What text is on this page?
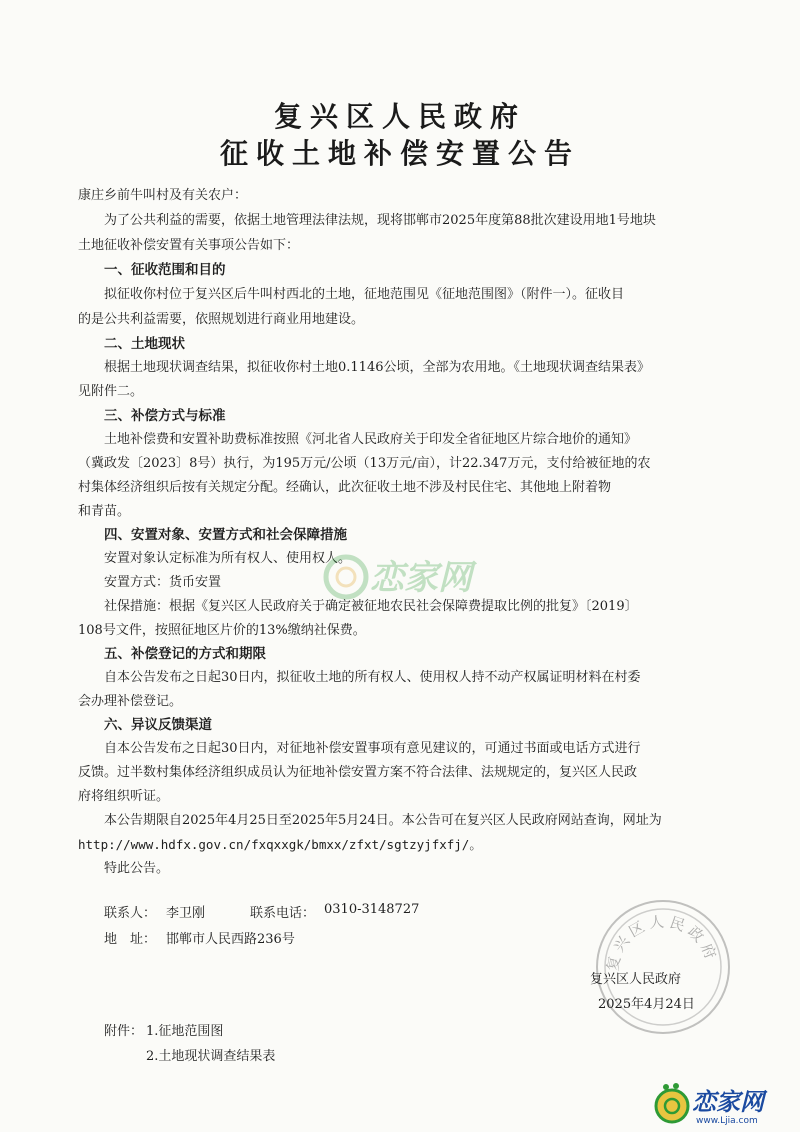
复兴区人民政府
征收土地补偿安置公告
康庄乡前牛叫村及有关农户：
为了公共利益的需要，依据土地管理法律法规，现将邯郸市2025年度第88批次建设用地1号地块
土地征收补偿安置有关事项公告如下：
一、征收范围和目的
拟征收你村位于复兴区后牛叫村西北的土地，征地范围见《征地范围图》（附件一）。征收目
的是公共利益需要，依照规划进行商业用地建设。
二、土地现状
根据土地现状调查结果，拟征收你村土地0.1146公顷，全部为农用地。《土地现状调查结果表》
见附件二。
三、补偿方式与标准
土地补偿费和安置补助费标准按照《河北省人民政府关于印发全省征地区片综合地价的通知》
（冀政发〔2023〕8号）执行，为195万元/公顷（13万元/亩），计22.347万元，支付给被征地的农
村集体经济组织后按有关规定分配。经确认，此次征收土地不涉及村民住宅、其他地上附着物
和青苗。
四、安置对象、安置方式和社会保障措施
安置对象认定标准为所有权人、使用权人。
安置方式：货币安置
社保措施：根据《复兴区人民政府关于确定被征地农民社会保障费提取比例的批复》〔2019〕
108号文件，按照征地区片价的13%缴纳社保费。
五、补偿登记的方式和期限
自本公告发布之日起30日内，拟征收土地的所有权人、使用权人持不动产权属证明材料在村委
会办理补偿登记。
六、异议反馈渠道
自本公告发布之日起30日内，对征地补偿安置事项有意见建议的，可通过书面或电话方式进行
反馈。过半数村集体经济组织成员认为征地补偿安置方案不符合法律、法规规定的，复兴区人民政
府将组织听证。
本公告期限自2025年4月25日至2025年5月24日。本公告可在复兴区人民政府网站查询，网址为
http://www.hdfx.gov.cn/fxqxxgk/bmxx/zfxt/sgtzyjfxfj/。
特此公告。
联系人： 李卫刚	联系电话： 0310-3148727
地　址： 邯郸市人民西路236号
复兴区人民政府
复兴区人民政府
2025年4月24日
附件： 1.征地范围图
2.土地现状调查结果表
恋家网
恋家网
www.Ljia.com
